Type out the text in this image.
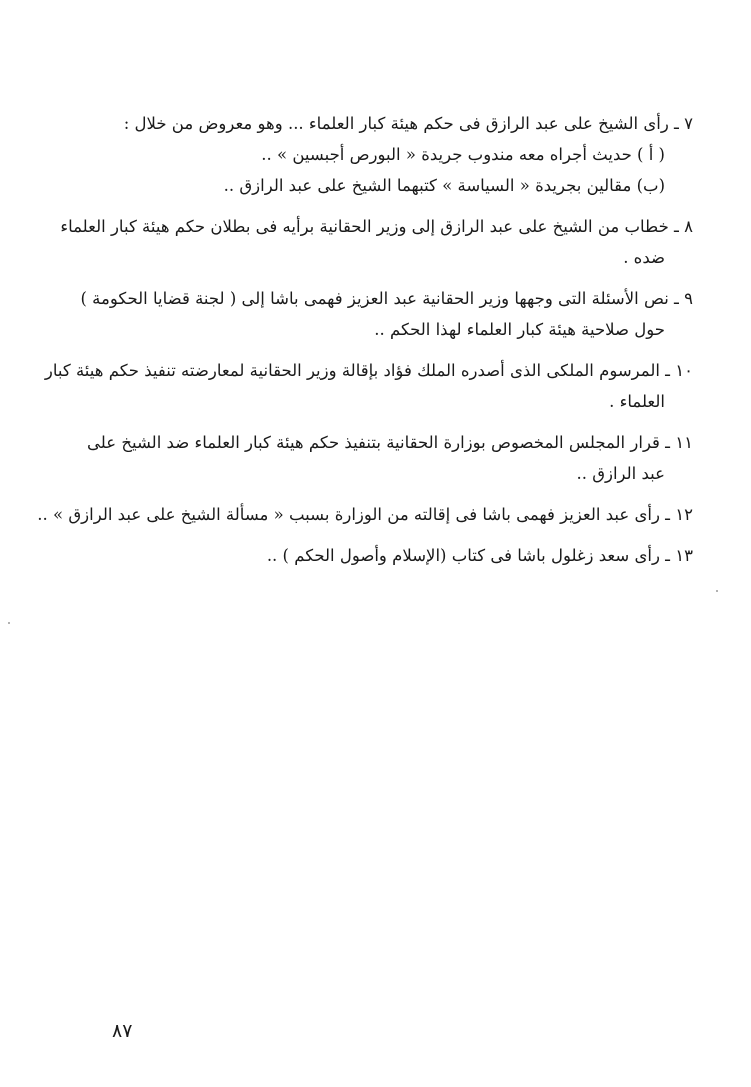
٧ ـ رأى الشيخ على عبد الرازق فى حكم هيئة كبار العلماء ... وهو معروض من خلال :
( أ ) حديث أجراه معه مندوب جريدة « البورص أجبسين » ..
(ب) مقالين بجريدة « السياسة » كتبهما الشيخ على عبد الرازق ..
٨ ـ خطاب من الشيخ على عبد الرازق إلى وزير الحقانية برأيه فى بطلان حكم هيئة كبار العلماء
ضده .
٩ ـ نص الأسئلة التى وجهها وزير الحقانية عبد العزيز فهمى باشا إلى ( لجنة قضايا الحكومة )
حول صلاحية هيئة كبار العلماء لهذا الحكم ..
١٠ ـ المرسوم الملكى الذى أصدره الملك فؤاد بإقالة وزير الحقانية لمعارضته تنفيذ حكم هيئة كبار
العلماء .
١١ ـ قرار المجلس المخصوص بوزارة الحقانية بتنفيذ حكم هيئة كبار العلماء ضد الشيخ على
عبد الرازق ..
١٢ ـ رأى عبد العزيز فهمى باشا فى إقالته من الوزارة بسبب « مسألة الشيخ على عبد الرازق » ..
١٣ ـ رأى سعد زغلول باشا فى كتاب (الإسلام وأصول الحكم ) ..
٨٧
